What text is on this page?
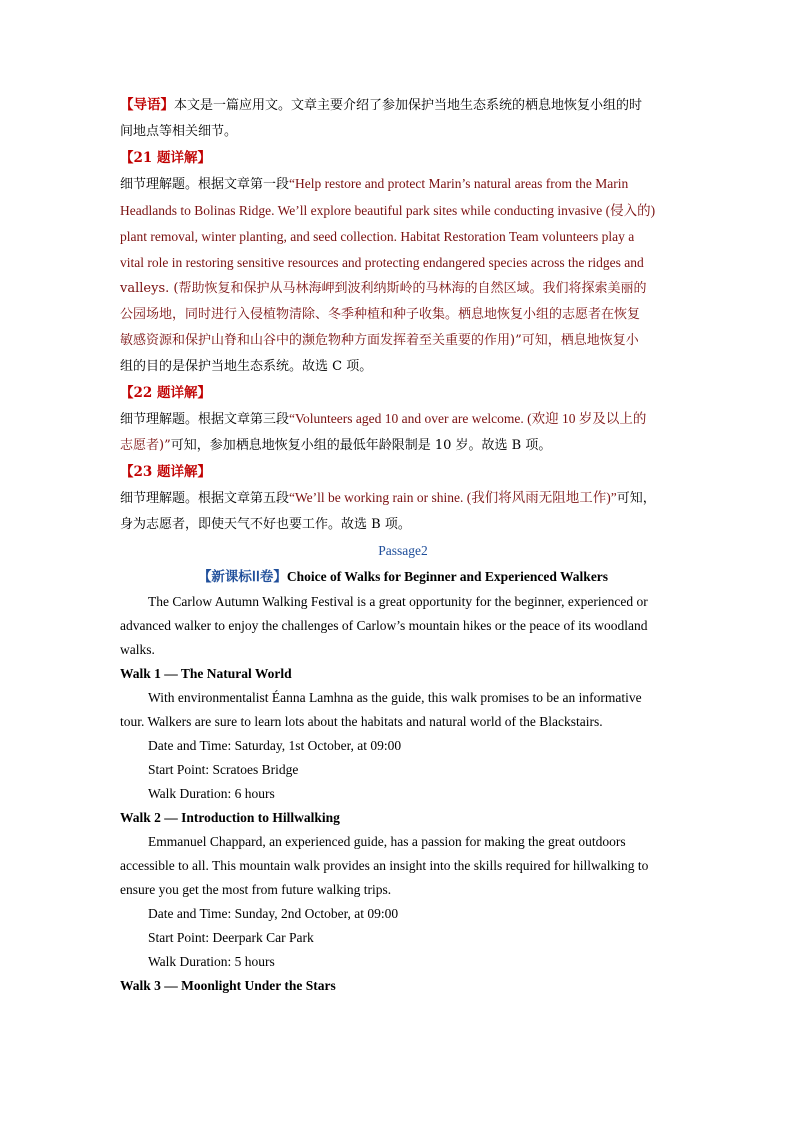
【导语】本文是一篇应用文。文章主要介绍了参加保护当地生态系统的栖息地恢复小组的时
间地点等相关细节。
【21 题详解】
细节理解题。根据文章第一段“Help restore and protect Marin’s natural areas from the Marin
Headlands to Bolinas Ridge. We’ll explore beautiful park sites while conducting invasive (侵入的)
plant removal, winter planting, and seed collection. Habitat Restoration Team volunteers play a
vital role in restoring sensitive resources and protecting endangered species across the ridges and
valleys. (帮助恢复和保护从马林海岬到波利纳斯岭的马林海的自然区域。我们将探索美丽的
公园场地，同时进行入侵植物清除、冬季种植和种子收集。栖息地恢复小组的志愿者在恢复
敏感资源和保护山脊和山谷中的濒危物种方面发挥着至关重要的作用)”可知，栖息地恢复小
组的目的是保护当地生态系统。故选 C 项。
【22 题详解】
细节理解题。根据文章第三段“Volunteers aged 10 and over are welcome. (欢迎 10 岁及以上的
志愿者)”可知，参加栖息地恢复小组的最低年龄限制是 10 岁。故选 B 项。
【23 题详解】
细节理解题。根据文章第五段“We’ll be working rain or shine. (我们将风雨无阻地工作)”可知，
身为志愿者，即使天气不好也要工作。故选 B 项。
Passage2
【新课标ⅠⅠ卷】Choice of Walks for Beginner and Experienced Walkers
The Carlow Autumn Walking Festival is a great opportunity for the beginner, experienced or
advanced walker to enjoy the challenges of Carlow’s mountain hikes or the peace of its woodland
walks.
Walk 1 — The Natural World
With environmentalist Éanna Lamhna as the guide, this walk promises to be an informative
tour. Walkers are sure to learn lots about the habitats and natural world of the Blackstairs.
Date and Time: Saturday, 1st October, at 09:00
Start Point: Scratoes Bridge
Walk Duration: 6 hours
Walk 2 — Introduction to Hillwalking
Emmanuel Chappard, an experienced guide, has a passion for making the great outdoors
accessible to all. This mountain walk provides an insight into the skills required for hillwalking to
ensure you get the most from future walking trips.
Date and Time: Sunday, 2nd October, at 09:00
Start Point: Deerpark Car Park
Walk Duration: 5 hours
Walk 3 — Moonlight Under the Stars
